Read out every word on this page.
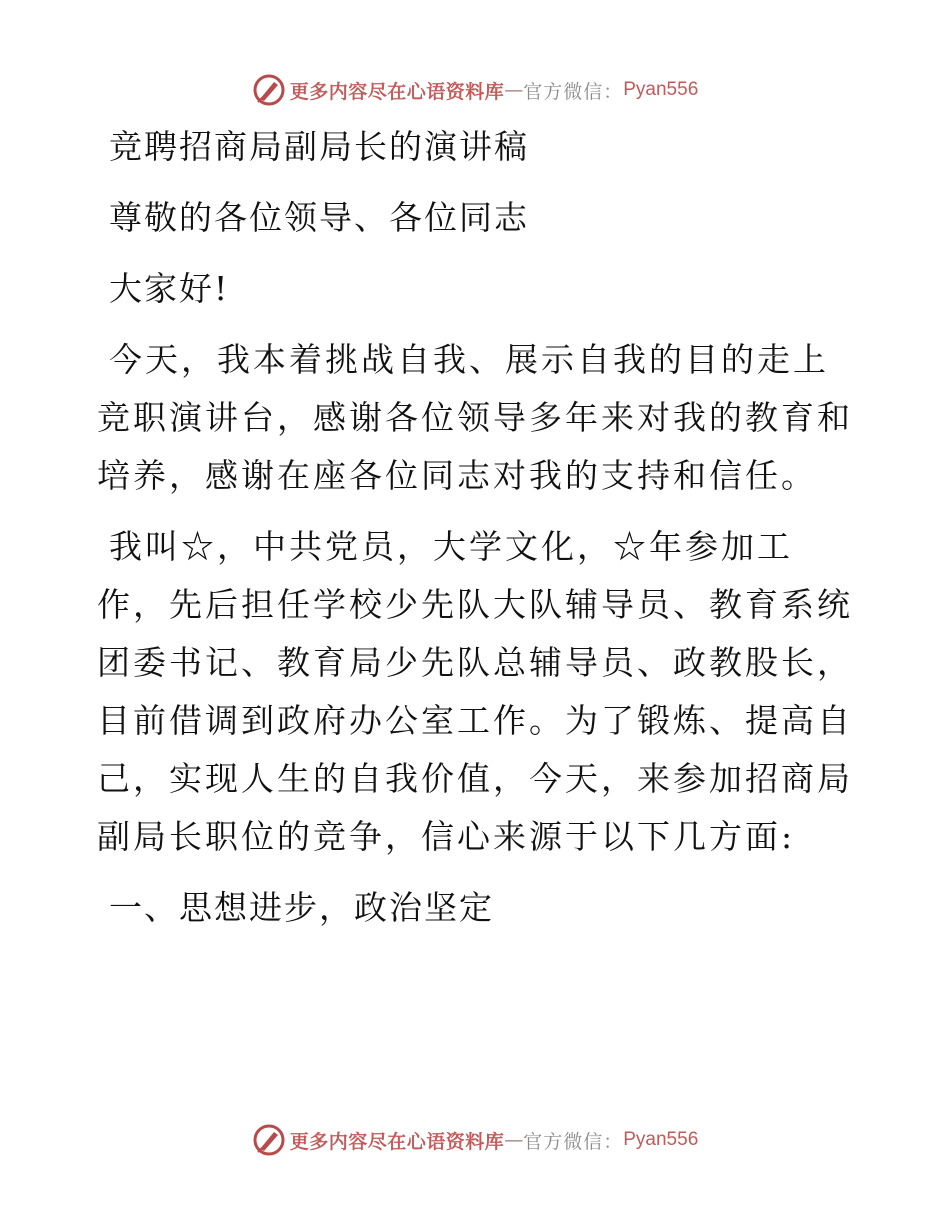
更多内容尽在心语资料库 — 官方微信： Pyan556

竞聘招商局副局长的演讲稿

尊敬的各位领导、各位同志

大家好!

今天，我本着挑战自我、展示自我的目的走上竞职演讲台，感谢各位领导多年来对我的教育和培养，感谢在座各位同志对我的支持和信任。

我叫☆，中共党员，大学文化，☆年参加工作，先后担任学校少先队大队辅导员、教育系统团委书记、教育局少先队总辅导员、政教股长，目前借调到政府办公室工作。为了锻炼、提高自己，实现人生的自我价值，今天，来参加招商局副局长职位的竞争，信心来源于以下几方面:

一、思想进步，政治坚定

更多内容尽在心语资料库 — 官方微信： Pyan556
